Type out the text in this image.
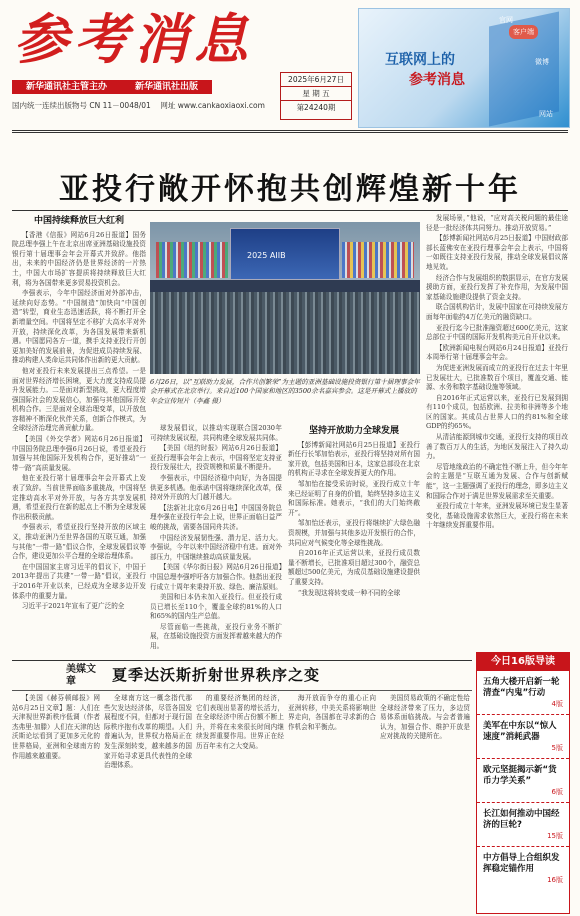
参考消息
新华通讯社主管主办	新华通讯社出版
国内统一连续出版物号 CN 11－0048/01 网址 www.cankaoxiaoxi.com
2025年6月27日
星 期 五
第24240期
客户端
网站
官网
微博
互联网上的
参考消息
亚投行敞开怀抱共创辉煌新十年
中国持续释放巨大红利

【香港《信报》网站6月26日报道】国务院总理李强上午在北京出席亚洲基础设施投资银行第十届理事会年会开幕式并致辞。他指出，未来的中国经济仍是世界经济的一片热土，中国大市场扩容提质将持续释放巨大红利，将为各国带来更多贸易投资机会。

李强表示，今年中国经济面对外部冲击，延续向好态势。“中国制造”加快向“中国创造”转型，商业生态迅速活跃，将不断打开全新增量空间。中国将坚定不移扩大高水平对外开放，持续深化改革，为各国发展带来新机遇。中国愿同各方一道，携手支持亚投行开创更加美好的发展前景，为促进成员持续发展、推动构建人类命运共同体作出新的更大贡献。

他对亚投行未来发展提出三点希望。一是面对世界经济增长困境，更大力度支持成员提升发展能力。二是面对新型挑战，更大程度增强国际社会的发展信心，加强与其他国际开发机构合作。三是面对全球治理变革，以开放包容精神不断深化伙伴关系，创新合作模式，为全球经济治理完善贡献力量。

【美国《外交学者》网站6月26日报道】中国国务院总理李强6月26日说，希望亚投行加强与其他国际开发机构合作，更好推动“一带一路”高质量发展。

他在亚投行第十届理事会年会开幕式上发表了致辞。当前世界面临多重挑战，中国将坚定推动高水平对外开放，与各方共享发展机遇，希望亚投行在新的起点上不断为全球发展作出积极贡献。

李强表示，希望亚投行坚持开放的区域主义，推动亚洲乃至世界各国的互联互通，加强与其他“一带一路”倡议合作，全球发展倡议等合作，建设更加公平合理的全球治理体系。

在中国国家主席习近平的倡议下，中国于2013年提出了共建“一带一路”倡议，亚投行于2016年开业以来，已经成为全球多边开发体系中的重要力量。

习近平于2021年宣布了更广泛的全

2025 AIIB
6月26日，以“互联助力发展，合作共创繁荣”为主题的亚洲基础设施投资银行第十届理事会年会开幕式在北京举行。来自近100个国家和地区的3500余名嘉宾参会。这是开幕式上播放的年会宣传短片（李鑫 摄）

球发展倡议，以推动实现联合国2030年可持续发展议程，共同构建全球发展共同体。

【美国《纽约时报》网站6月26日报道】亚投行理事会年会上表示，中国将坚定支持亚投行发展壮大，投资规模和质量不断提升。

李强表示，中国经济稳中向好，为各国提供更多机遇。他承诺中国将继续深化改革，保持对外开放的大门越开越大。

【法新社北京6月26日电】中国国务院总理李强在亚投行年会上说，世界正面临日益严峻的挑战，需要各国同舟共济。

中国经济发展韧性强、潜力足、活力大。李强说，今年以来中国经济稳中有进。面对外部压力，中国继续推动高质量发展。

【美国《华尔街日报》网站6月26日报道】中国总理李强呼吁各方加强合作。他指出亚投行成立十周年来秉持开放、绿色、廉洁原则。

美国和日本仍未加入亚投行。但亚投行成员已增长至110个，覆盖全球约81%的人口和65%的国内生产总值。

尽管面临一些挑战，亚投行业务不断扩展，在基础设施投资方面发挥着越来越大的作用。

坚持开放助力全球发展

【彭博新闻社网站6月25日报道】亚投行新任行长邹加怡表示，亚投行将坚持对所有国家开放，包括美国和日本，这家总部设在北京的机构正寻求在全球发挥更大的作用。

邹加怡在接受采访时说，亚投行成立十年来已经证明了自身的价值，始终坚持多边主义和国际标准。她表示，“我们的大门始终敞开”。

邹加怡还表示，亚投行将继续扩大绿色融资规模，并加强与其他多边开发银行的合作，共同应对气候变化等全球性挑战。

自2016年正式运营以来，亚投行成员数量不断增长，已批准项目超过300个，融资总额超过500亿美元，为成员基础设施建设提供了重要支持。

“我发现这将转变成一种不同的全球

发展场景，”他说，“应对高关税问题的最佳途径是一批经济体共同努力。推动开放贸易。”

【彭博新闻社网站6月25日报道】中国财政部部长蓝佛安在亚投行理事会年会上表示，中国将一如既往支持亚投行发展，推动全球发展倡议落地见效。

经济合作与发展组织的数据显示，在官方发展援助方面，亚投行发挥了补充作用，为发展中国家基础设施建设提供了资金支持。

联合国机构估计，发展中国家在可持续发展方面每年面临约4万亿美元的融资缺口。

亚投行迄今已批准融资超过600亿美元，这家总部位于中国的国际开发机构美元自开业以来。

【欧洲新闻电视台网站6月24日报道】亚投行本周举行第十届理事会年会。

为促进亚洲发展而成立的亚投行在过去十年里已发展壮大，已批准数百个项目，覆盖交通、能源、水务和数字基础设施等领域。

自2016年正式运营以来，亚投行已发展到拥有110个成员，包括欧洲、拉美和非洲等多个地区的国家。其成员占世界人口的约81%和全球GDP的约65%。

从清洁能源到城市交通，亚投行支持的项目改善了数百万人的生活，为地区发展注入了持久动力。

尽管地缘政治的不确定性不断上升，但今年年会的主题是“互联互通为发展、合作与创新赋能”，这一主题强调了亚投行的理念，即多边主义和国际合作对于满足世界发展需求至关重要。

亚投行成立十年来，亚洲发展环境已发生显著变化，基础设施需求依然巨大，亚投行将在未来十年继续发挥重要作用。

美媒文章	夏季达沃斯折射世界秩序之变

【美国《赫芬顿邮报》网站6月25日文章】题：人们在天津视世界新秩序低调（作者杰弗里·加滕）人们在天津的达沃斯论坛看到了更加多元化的世界格局，亚洲和全球南方的作用越来越重要。

全球南方这一概念指代那些欠发达经济体，尽管各国发展程度不同，但都对于现行国际秩序抱有改革的期望。人们普遍认为，世界权力格局正在发生深刻转变，越来越多的国家开始寻求更具代表性的全球治理体系。

的重要经济集团的经济，它们表现出显著的增长活力，在全球经济中所占份额不断上升，并将在未来很长时间内继续发挥重要作用。世界正在经历百年未有之大变局。

海开放而争夺的重心正向亚洲转移，中美关系将影响世界走向，各国都在寻求新的合作机会和平衡点。

美国贸易政策的不确定性给全球经济带来了压力，多边贸易体系面临挑战。与会者普遍认为，加强合作、维护开放是应对挑战的关键所在。

今日16版导读
五角大楼开启新一轮清查“内鬼”行动
4版
美军在中东以“惊人速度”消耗武器
5版
欧元坚挺揭示新“货币力学关系”
6版
长江如何推动中国经济的巨轮?
15版
中方倡导上合组织发挥稳定锚作用
16版
